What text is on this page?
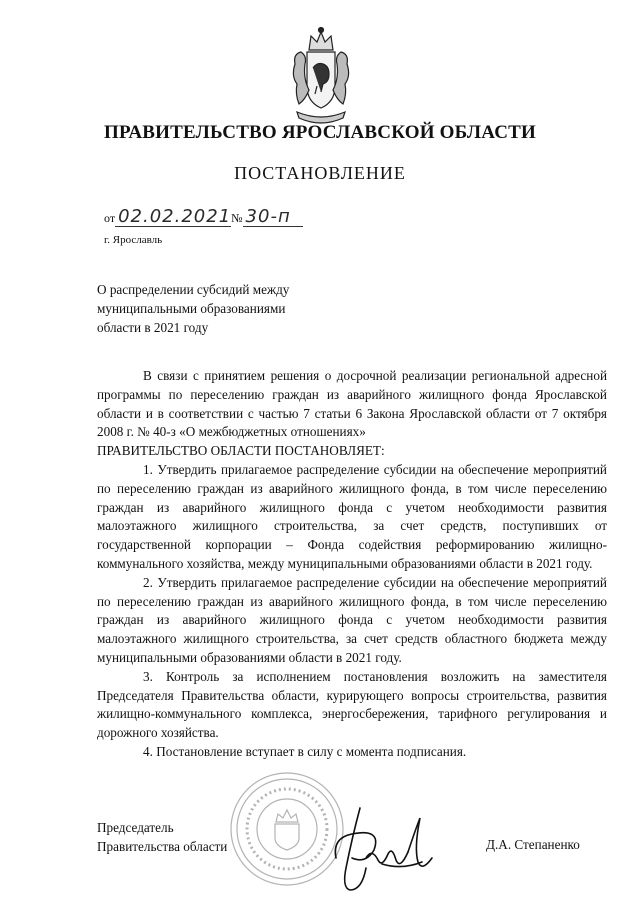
ПРАВИТЕЛЬСТВО ЯРОСЛАВСКОЙ ОБЛАСТИ
ПОСТАНОВЛЕНИЕ
от 02.02.2021№ 30-п
г. Ярославль
О распределении субсидий между
муниципальными образованиями
области в 2021 году

В связи с принятием решения о досрочной реализации региональной адресной программы по переселению граждан из аварийного жилищного фонда Ярославской области и в соответствии с частью 7 статьи 6 Закона Ярославской области от 7 октября 2008 г. № 40-з «О межбюджетных отношениях»

ПРАВИТЕЛЬСТВО ОБЛАСТИ ПОСТАНОВЛЯЕТ:

1. Утвердить прилагаемое распределение субсидии на обеспечение мероприятий по переселению граждан из аварийного жилищного фонда, в том числе переселению граждан из аварийного жилищного фонда с учетом необходимости развития малоэтажного жилищного строительства, за счет средств, поступивших от государственной корпорации – Фонда содействия реформированию жилищно-коммунального хозяйства, между муниципальными образованиями области в 2021 году.

2. Утвердить прилагаемое распределение субсидии на обеспечение мероприятий по переселению граждан из аварийного жилищного фонда, в том числе переселению граждан из аварийного жилищного фонда с учетом необходимости развития малоэтажного жилищного строительства, за счет средств областного бюджета между муниципальными образованиями области в 2021 году.

3. Контроль за исполнением постановления возложить на заместителя Председателя Правительства области, курирующего вопросы строительства, развития жилищно-коммунального комплекса, энергосбережения, тарифного регулирования и дорожного хозяйства.

4. Постановление вступает в силу с момента подписания.

Председатель
Правительства области	Д.А. Степаненко
